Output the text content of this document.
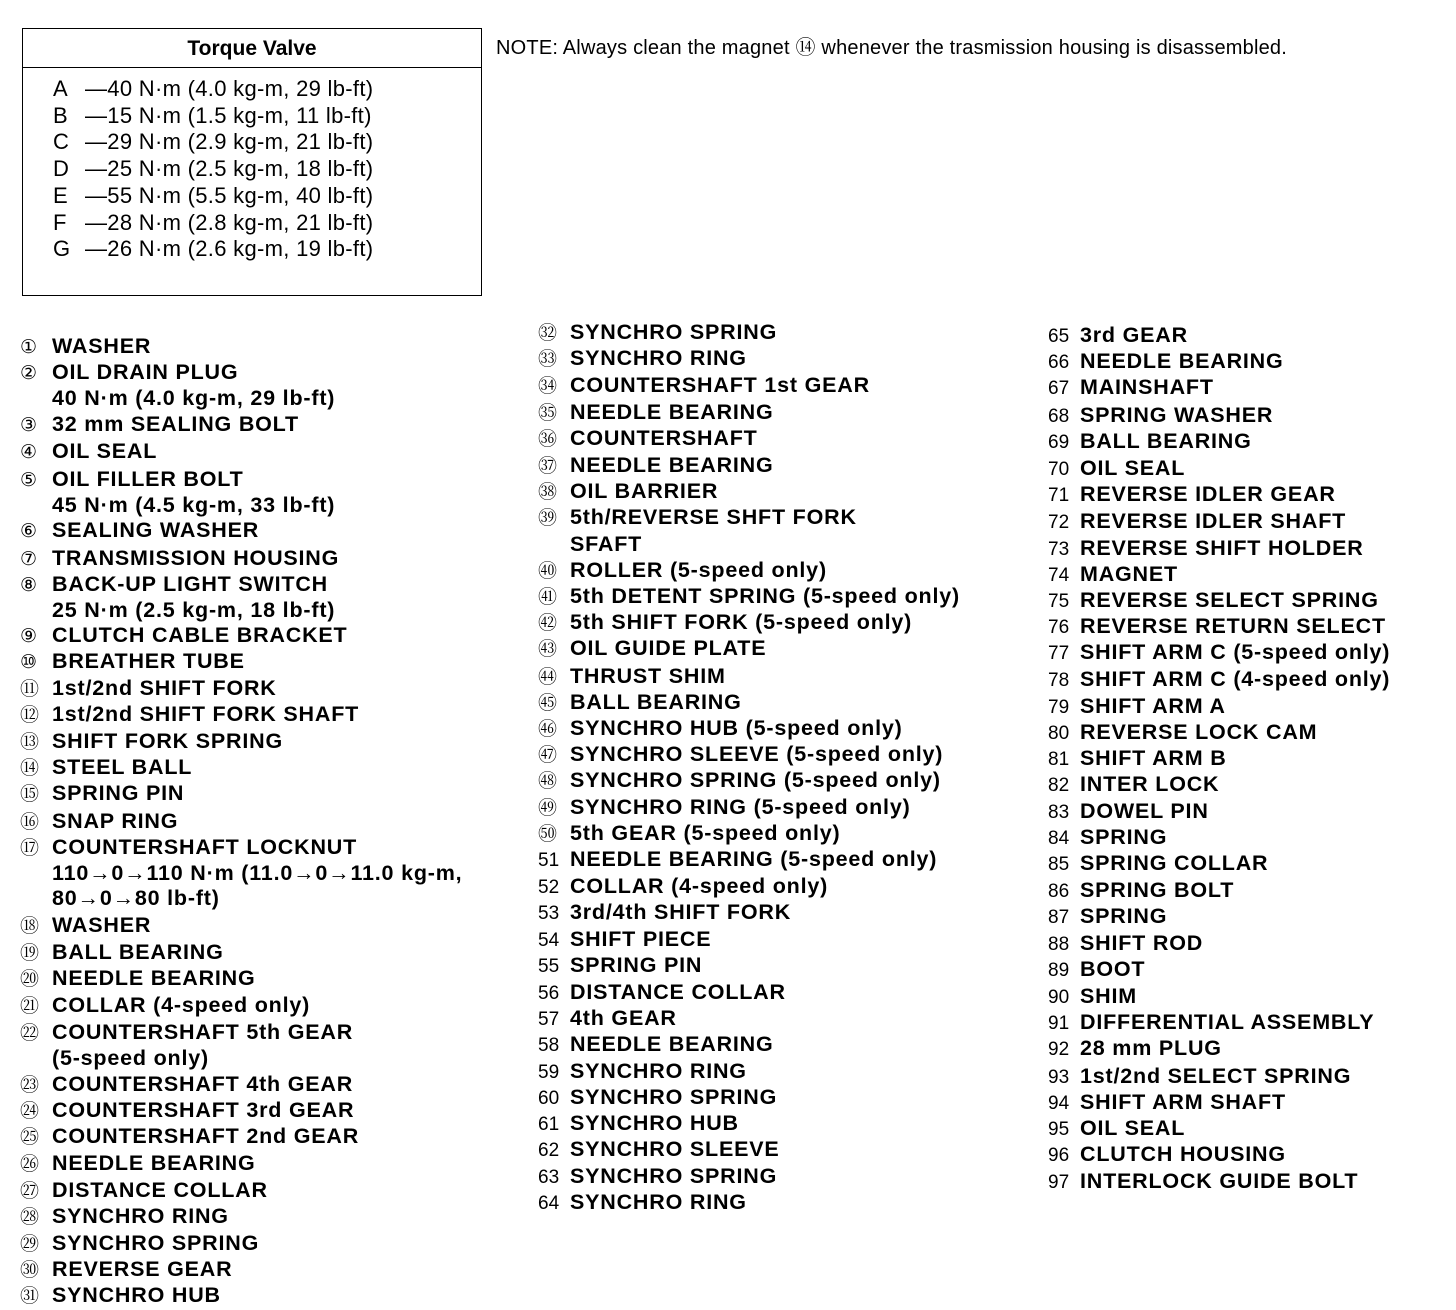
Torque Valve
A —40 N·m (4.0 kg-m, 29 lb-ft)
B —15 N·m (1.5 kg-m, 11 lb-ft)
C —29 N·m (2.9 kg-m, 21 lb-ft)
D —25 N·m (2.5 kg-m, 18 lb-ft)
E —55 N·m (5.5 kg-m, 40 lb-ft)
F —28 N·m (2.8 kg-m, 21 lb-ft)
G —26 N·m (2.6 kg-m, 19 lb-ft)
NOTE: Always clean the magnet ⑭ whenever the trasmission housing is disassembled.
① WASHER
② OIL DRAIN PLUG
40 N·m (4.0 kg-m, 29 lb-ft)
③ 32 mm SEALING BOLT
④ OIL SEAL
⑤ OIL FILLER BOLT
45 N·m (4.5 kg-m, 33 lb-ft)
⑥ SEALING WASHER
⑦ TRANSMISSION HOUSING
⑧ BACK-UP LIGHT SWITCH
25 N·m (2.5 kg-m, 18 lb-ft)
⑨ CLUTCH CABLE BRACKET
⑩ BREATHER TUBE
⑪ 1st/2nd SHIFT FORK
⑫ 1st/2nd SHIFT FORK SHAFT
⑬ SHIFT FORK SPRING
⑭ STEEL BALL
⑮ SPRING PIN
⑯ SNAP RING
⑰ COUNTERSHAFT LOCKNUT
110→0→110 N·m (11.0→0→11.0 kg-m,
80→0→80 lb-ft)
⑱ WASHER
⑲ BALL BEARING
⑳ NEEDLE BEARING
㉑ COLLAR (4-speed only)
㉒ COUNTERSHAFT 5th GEAR
(5-speed only)
㉓ COUNTERSHAFT 4th GEAR
㉔ COUNTERSHAFT 3rd GEAR
㉕ COUNTERSHAFT 2nd GEAR
㉖ NEEDLE BEARING
㉗ DISTANCE COLLAR
㉘ SYNCHRO RING
㉙ SYNCHRO SPRING
㉚ REVERSE GEAR
㉛ SYNCHRO HUB
㉜ SYNCHRO SPRING
㉝ SYNCHRO RING
㉞ COUNTERSHAFT 1st GEAR
㉟ NEEDLE BEARING
㊱ COUNTERSHAFT
㊲ NEEDLE BEARING
㊳ OIL BARRIER
㊴ 5th/REVERSE SHFT FORK
SFAFT
㊵ ROLLER (5-speed only)
㊶ 5th DETENT SPRING (5-speed only)
㊷ 5th SHIFT FORK (5-speed only)
㊸ OIL GUIDE PLATE
㊹ THRUST SHIM
㊺ BALL BEARING
㊻ SYNCHRO HUB (5-speed only)
㊼ SYNCHRO SLEEVE (5-speed only)
㊽ SYNCHRO SPRING (5-speed only)
㊾ SYNCHRO RING (5-speed only)
㊿ 5th GEAR (5-speed only)
51 NEEDLE BEARING (5-speed only)
52 COLLAR (4-speed only)
53 3rd/4th SHIFT FORK
54 SHIFT PIECE
55 SPRING PIN
56 DISTANCE COLLAR
57 4th GEAR
58 NEEDLE BEARING
59 SYNCHRO RING
60 SYNCHRO SPRING
61 SYNCHRO HUB
62 SYNCHRO SLEEVE
63 SYNCHRO SPRING
64 SYNCHRO RING
65 3rd GEAR
66 NEEDLE BEARING
67 MAINSHAFT
68 SPRING WASHER
69 BALL BEARING
70 OIL SEAL
71 REVERSE IDLER GEAR
72 REVERSE IDLER SHAFT
73 REVERSE SHIFT HOLDER
74 MAGNET
75 REVERSE SELECT SPRING
76 REVERSE RETURN SELECT
77 SHIFT ARM C (5-speed only)
78 SHIFT ARM C (4-speed only)
79 SHIFT ARM A
80 REVERSE LOCK CAM
81 SHIFT ARM B
82 INTER LOCK
83 DOWEL PIN
84 SPRING
85 SPRING COLLAR
86 SPRING BOLT
87 SPRING
88 SHIFT ROD
89 BOOT
90 SHIM
91 DIFFERENTIAL ASSEMBLY
92 28 mm PLUG
93 1st/2nd SELECT SPRING
94 SHIFT ARM SHAFT
95 OIL SEAL
96 CLUTCH HOUSING
97 INTERLOCK GUIDE BOLT
